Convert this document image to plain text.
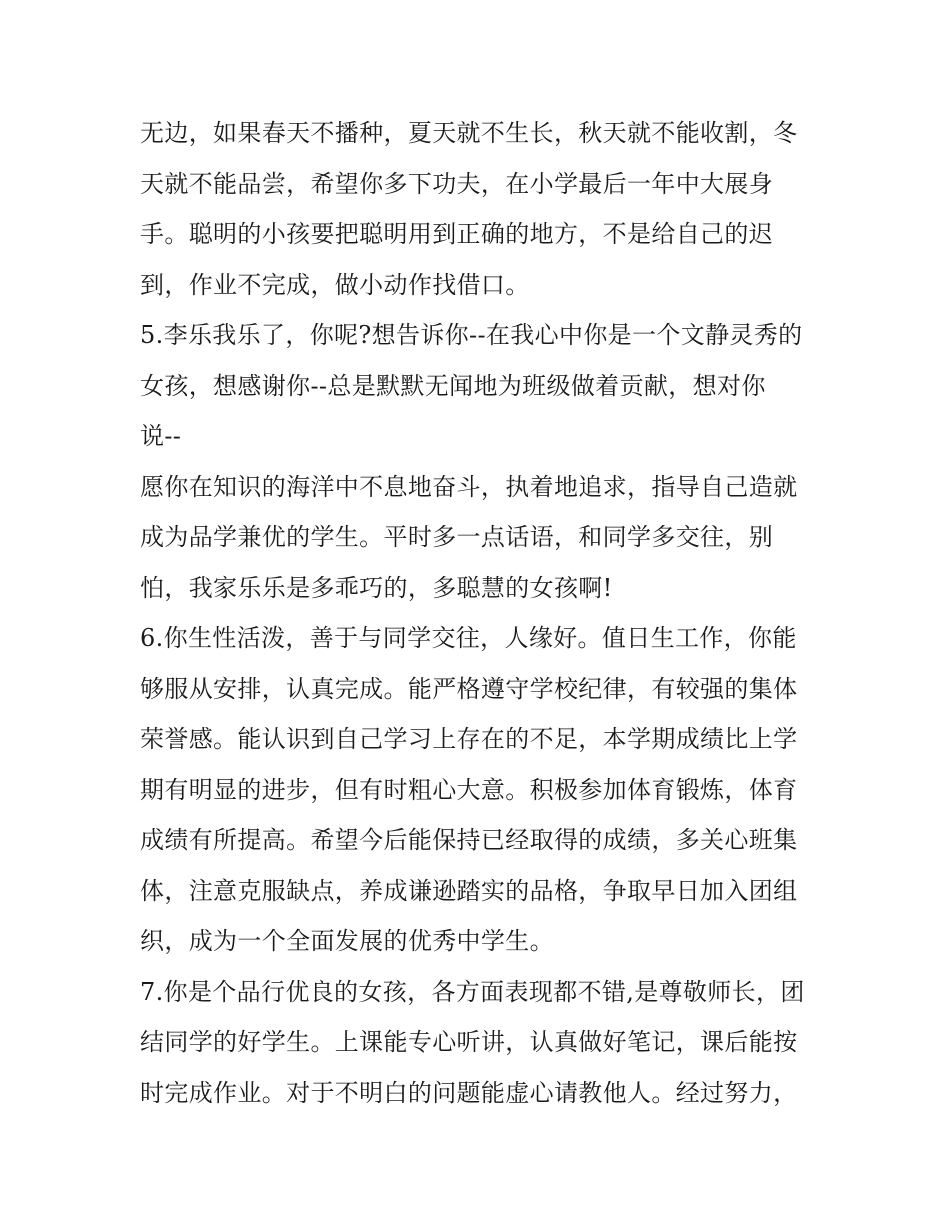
无边，如果春天不播种，夏天就不生长，秋天就不能收割，冬
天就不能品尝，希望你多下功夫，在小学最后一年中大展身
手。聪明的小孩要把聪明用到正确的地方，不是给自己的迟
到，作业不完成，做小动作找借口。
5.李乐我乐了，你呢?想告诉你--在我心中你是一个文静灵秀的
女孩，想感谢你--总是默默无闻地为班级做着贡献，想对你
说--
愿你在知识的海洋中不息地奋斗，执着地追求，指导自己造就
成为品学兼优的学生。平时多一点话语，和同学多交往，别
怕，我家乐乐是多乖巧的，多聪慧的女孩啊!
6.你生性活泼，善于与同学交往，人缘好。值日生工作，你能
够服从安排，认真完成。能严格遵守学校纪律，有较强的集体
荣誉感。能认识到自己学习上存在的不足，本学期成绩比上学
期有明显的进步，但有时粗心大意。积极参加体育锻炼，体育
成绩有所提高。希望今后能保持已经取得的成绩，多关心班集
体，注意克服缺点，养成谦逊踏实的品格，争取早日加入团组
织，成为一个全面发展的优秀中学生。
7.你是个品行优良的女孩，各方面表现都不错,是尊敬师长，团
结同学的好学生。上课能专心听讲，认真做好笔记，课后能按
时完成作业。对于不明白的问题能虚心请教他人。经过努力，
